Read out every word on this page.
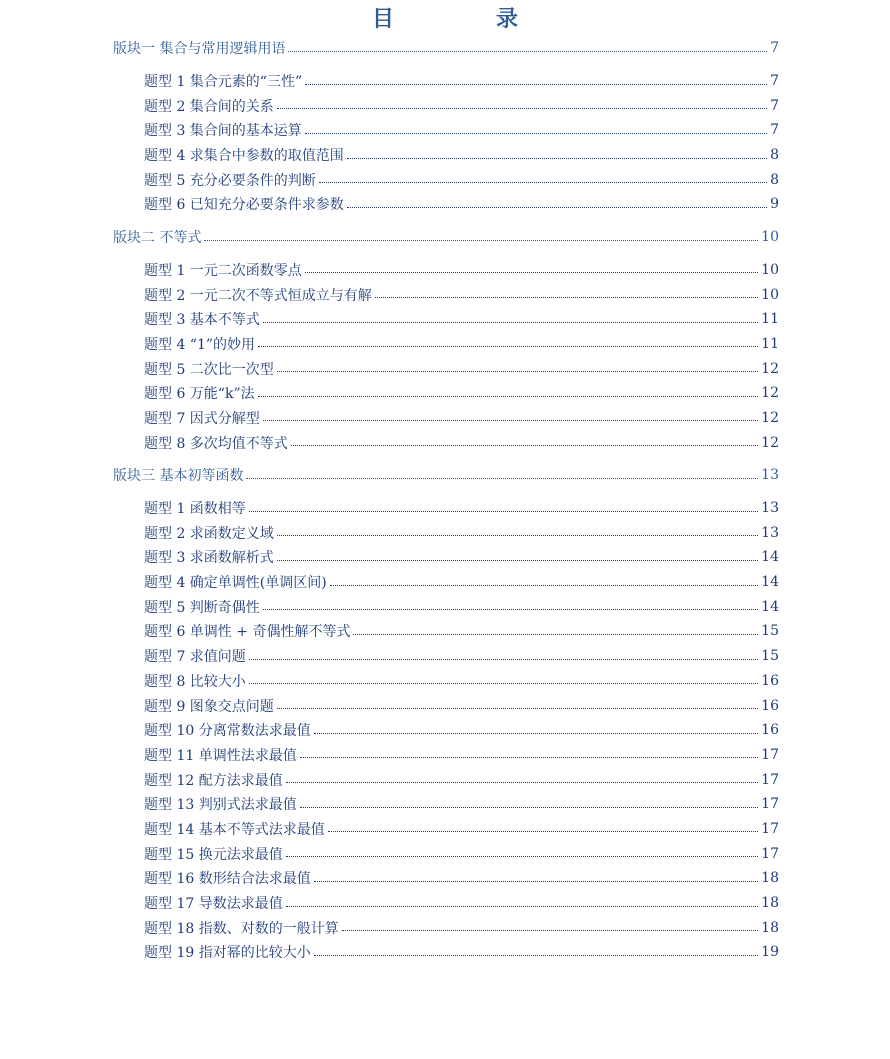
目　录
版块一 集合与常用逻辑用语	7
题型 1 集合元素的“三性”	7
题型 2 集合间的关系	7
题型 3 集合间的基本运算	7
题型 4 求集合中参数的取值范围	8
题型 5 充分必要条件的判断	8
题型 6 已知充分必要条件求参数	9
版块二 不等式	10
题型 1 一元二次函数零点	10
题型 2 一元二次不等式恒成立与有解	10
题型 3 基本不等式	11
题型 4 “1”的妙用	11
题型 5 二次比一次型	12
题型 6 万能“k”法	12
题型 7 因式分解型	12
题型 8 多次均值不等式	12
版块三 基本初等函数	13
题型 1 函数相等	13
题型 2 求函数定义域	13
题型 3 求函数解析式	14
题型 4 确定单调性(单调区间)	14
题型 5 判断奇偶性	14
题型 6 单调性 + 奇偶性解不等式	15
题型 7 求值问题	15
题型 8 比较大小	16
题型 9 图象交点问题	16
题型 10 分离常数法求最值	16
题型 11 单调性法求最值	17
题型 12 配方法求最值	17
题型 13 判别式法求最值	17
题型 14 基本不等式法求最值	17
题型 15 换元法求最值	17
题型 16 数形结合法求最值	18
题型 17 导数法求最值	18
题型 18 指数、对数的一般计算	18
题型 19 指对幂的比较大小	19
